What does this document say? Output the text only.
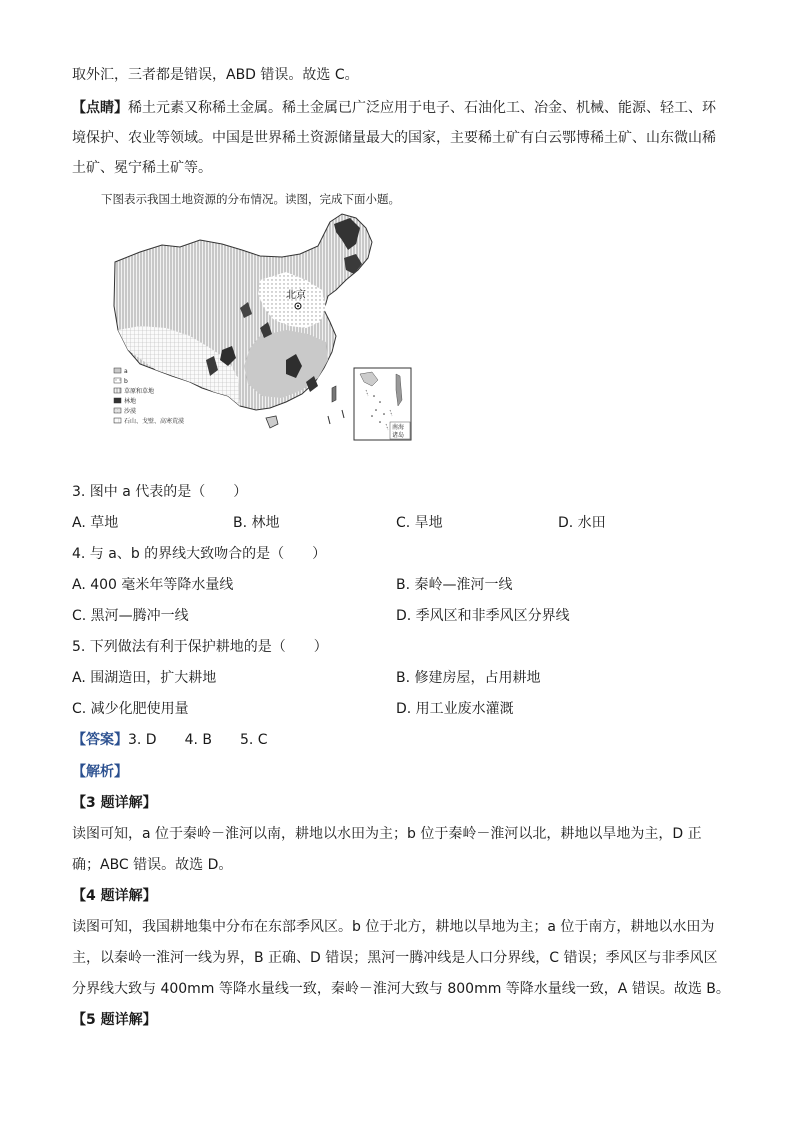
取外汇，三者都是错误，ABD 错误。故选 C。
【点睛】稀土元素又称稀土金属。稀土金属已广泛应用于电子、石油化工、冶金、机械、能源、轻工、环
境保护、农业等领域。中国是世界稀土资源储量最大的国家，主要稀土矿有白云鄂博稀土矿、山东微山稀
土矿、冕宁稀土矿等。
下图表示我国土地资源的分布情况。读图，完成下面小题。
北京
a
b
草原和草地
林地
沙漠
石山、戈壁、高寒荒漠
南海
诸岛
3. 图中 a 代表的是（　　）
A. 草地	B. 林地	C. 旱地	D. 水田
4. 与 a、b 的界线大致吻合的是（　　）
A. 400 毫米年等降水量线	B. 秦岭—淮河一线
C. 黑河—腾冲一线	D. 季风区和非季风区分界线
5. 下列做法有利于保护耕地的是（　　）
A. 围湖造田，扩大耕地	B. 修建房屋，占用耕地
C. 减少化肥使用量	D. 用工业废水灌溉
【答案】3. D　　4. B　　5. C
【解析】
【3 题详解】
读图可知，a 位于秦岭－淮河以南，耕地以水田为主；b 位于秦岭－淮河以北，耕地以旱地为主，D 正
确；ABC 错误。故选 D。
【4 题详解】
读图可知，我国耕地集中分布在东部季风区。b 位于北方，耕地以旱地为主；a 位于南方，耕地以水田为
主，以秦岭一淮河一线为界，B 正确、D 错误；黑河一腾冲线是人口分界线，C 错误；季风区与非季风区
分界线大致与 400mm 等降水量线一致，秦岭－淮河大致与 800mm 等降水量线一致，A 错误。故选 B。
【5 题详解】
